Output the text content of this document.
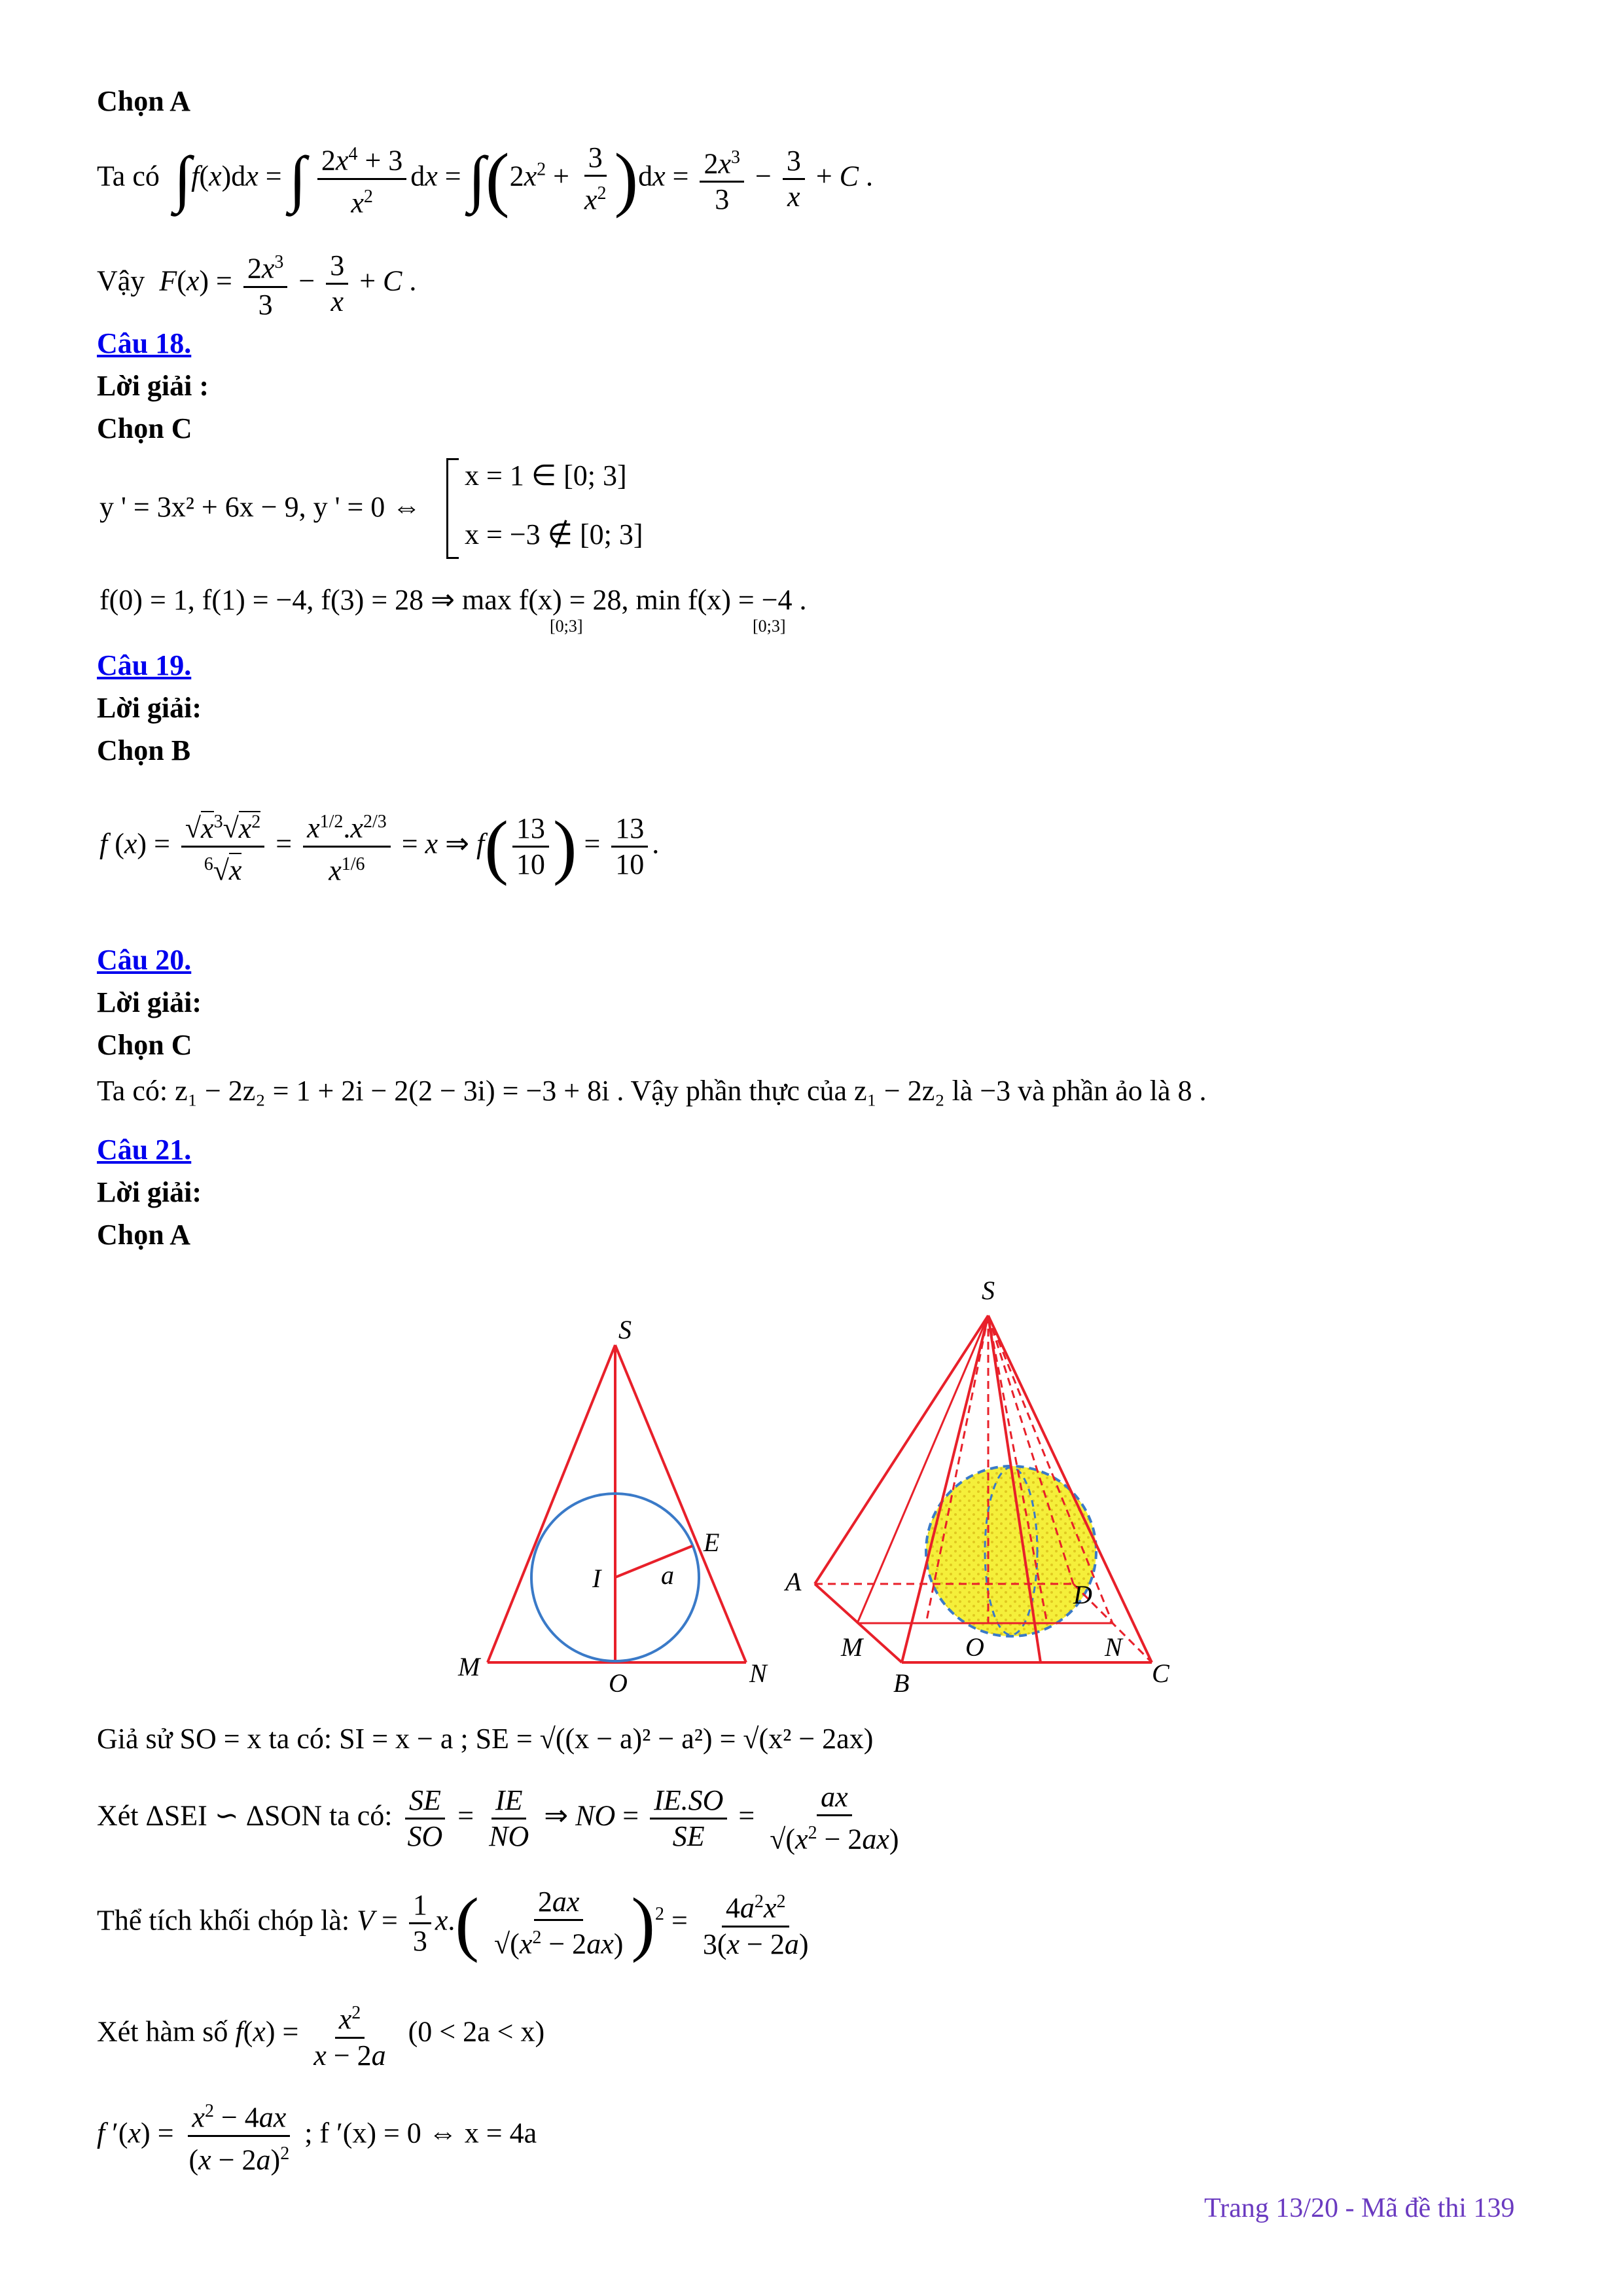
Chọn A
Ta có ∫f(x)dx = ∫ $\frac{2x^4 + 3}{x^2}$ dx = $\int(2x^2 + \frac{3}{x^2} )dx = \frac{2x^3}{3} - \frac{3}{x} + C$ .
Vậy $F(x) = \frac{2x^3}{3} - \frac{3}{x} + C$ .
Câu 18.
Lời giải :
Chọn C
y ' = 3x² + 6x − 9, y ' = 0 ⇔
x = 1 ∈ [0; 3]
x = −3 ∉ [0; 3]
f(0) = 1, f(1) = −4, f(3) = 28 ⇒ max f(x) = 28, min f(x) = −4 .
[0;3]	[0;3]
Câu 19.
Lời giải:
Chọn B
f $(x) = \frac{√x^3√x^2}{^6√x} = \frac{x^{1/2}.x^{2/3}}{x^{1/6}} = x$ ⇒ $f( \frac{13}{10}$ ) = $\frac{13}{10}$ .
Câu 20.
Lời giải:
Chọn C
Ta có: z₁ − 2z₂ = 1 + 2i − 2(2 − 3i) = −3 + 8i . Vậy phần thực của z₁ − 2z₂ là −3 và phần ảo là 8 .
Câu 21.
Lời giải:
Chọn A
S
I
E
a
M
O	N
S
A	D
M	O	N
B	C
Giả sử SO = x ta có: SI = x − a ; SE = √((x − a)² − a²) = √(x² − 2ax)
Xét ΔSEI ∽ ΔSON ta có: $\frac{SE}{SO} = \frac{IE}{NO}$ ⇒ NO = $\frac{IE.SO}{SE} = \frac{ax}{√(x^2 - 2ax)}$
Thể tích khối chóp là: $V = \frac{1}{3} x.( \frac{2ax}{√(x^2 - 2ax)} )^2 = \frac{4a^2x^2}{3(x - 2a)}$
Xét hàm số $f(x) = \frac{x^2}{x - 2a} (0 < 2a < x)$
f $'(x) = \frac{x^2 - 4ax}{(x - 2a)^2}$ ; f ′(x) = 0 ⇔ x = 4a
Trang 13/20 - Mã đề thi 139
